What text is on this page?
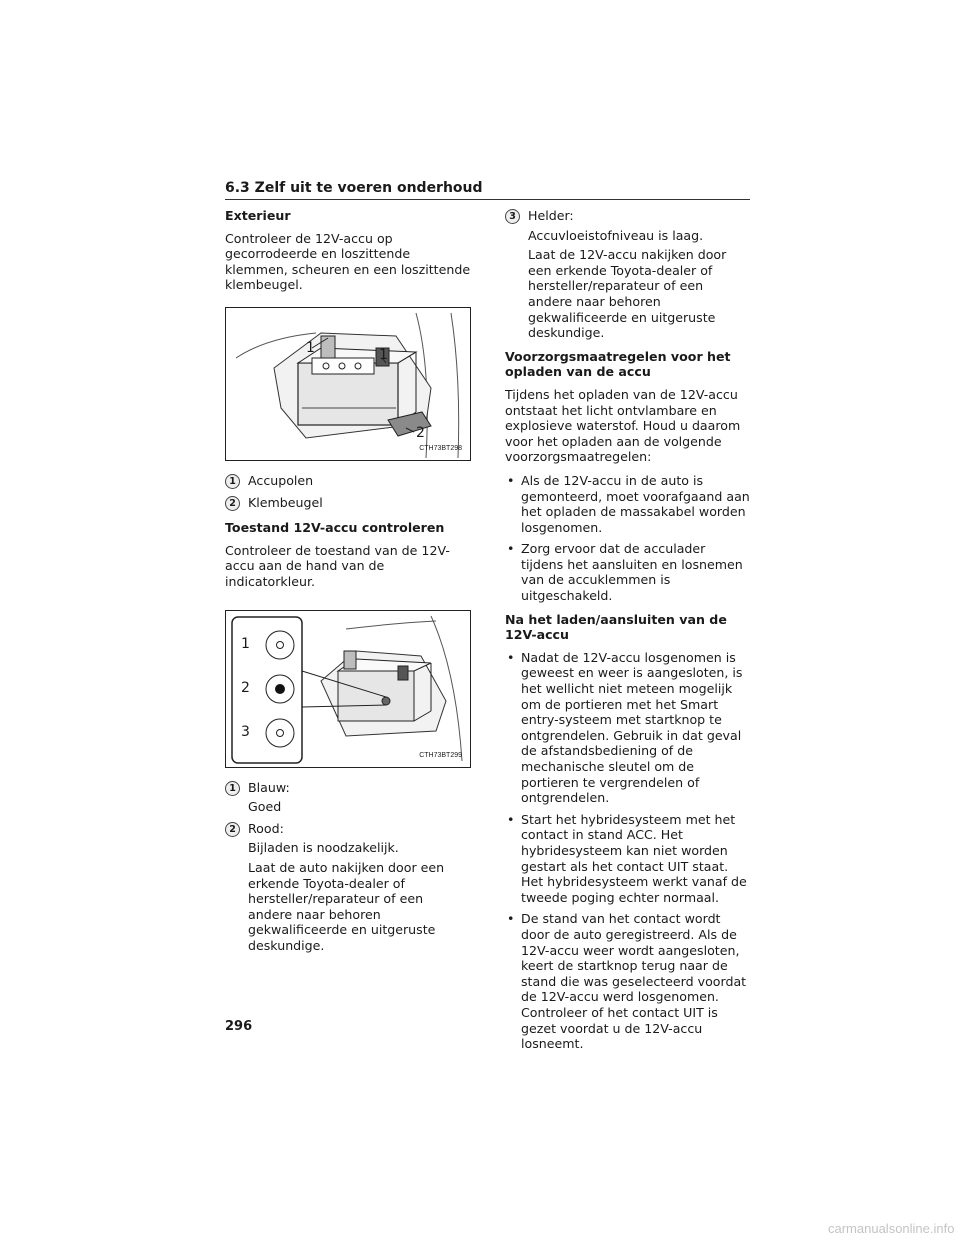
6.3 Zelf uit te voeren onderhoud
Exterieur

Controleer de 12V-accu op gecorrodeerde en loszittende klemmen, scheuren en een loszittende klembeugel.

1	1
2
CTH73BT298
1 Accupolen
2 Klembeugel
Toestand 12V-accu controleren

Controleer de toestand van de 12V-accu aan de hand van de indicatorkleur.

1
2
3
CTH73BT299
1 Blauw:
Goed
2 Rood:
Bijladen is noodzakelijk.
Laat de auto nakijken door een erkende Toyota-dealer of hersteller/reparateur of een andere naar behoren gekwalificeerde en uitgeruste deskundige.
3 Helder:
Accuvloeistofniveau is laag.
Laat de 12V-accu nakijken door een erkende Toyota-dealer of hersteller/reparateur of een andere naar behoren gekwalificeerde en uitgeruste deskundige.
Voorzorgsmaatregelen voor het opladen van de accu

Tijdens het opladen van de 12V-accu ontstaat het licht ontvlambare en explosieve waterstof. Houd u daarom voor het opladen aan de volgende voorzorgsmaatregelen:

• Als de 12V-accu in de auto is gemonteerd, moet voorafgaand aan het opladen de massakabel worden losgenomen.
• Zorg ervoor dat de acculader tijdens het aansluiten en losnemen van de accuklemmen is uitgeschakeld.
Na het laden/aansluiten van de 12V-accu
• Nadat de 12V-accu losgenomen is geweest en weer is aangesloten, is het wellicht niet meteen mogelijk om de portieren met het Smart entry-systeem met startknop te ontgrendelen. Gebruik in dat geval de afstandsbediening of de mechanische sleutel om de portieren te vergrendelen of ontgrendelen.
• Start het hybridesysteem met het contact in stand ACC. Het hybridesysteem kan niet worden gestart als het contact UIT staat. Het hybridesysteem werkt vanaf de tweede poging echter normaal.
• De stand van het contact wordt door de auto geregistreerd. Als de 12V-accu weer wordt aangesloten, keert de startknop terug naar de stand die was geselecteerd voordat de 12V-accu werd losgenomen. Controleer of het contact UIT is gezet voordat u de 12V-accu losneemt.
296
carmanualsonline.info
